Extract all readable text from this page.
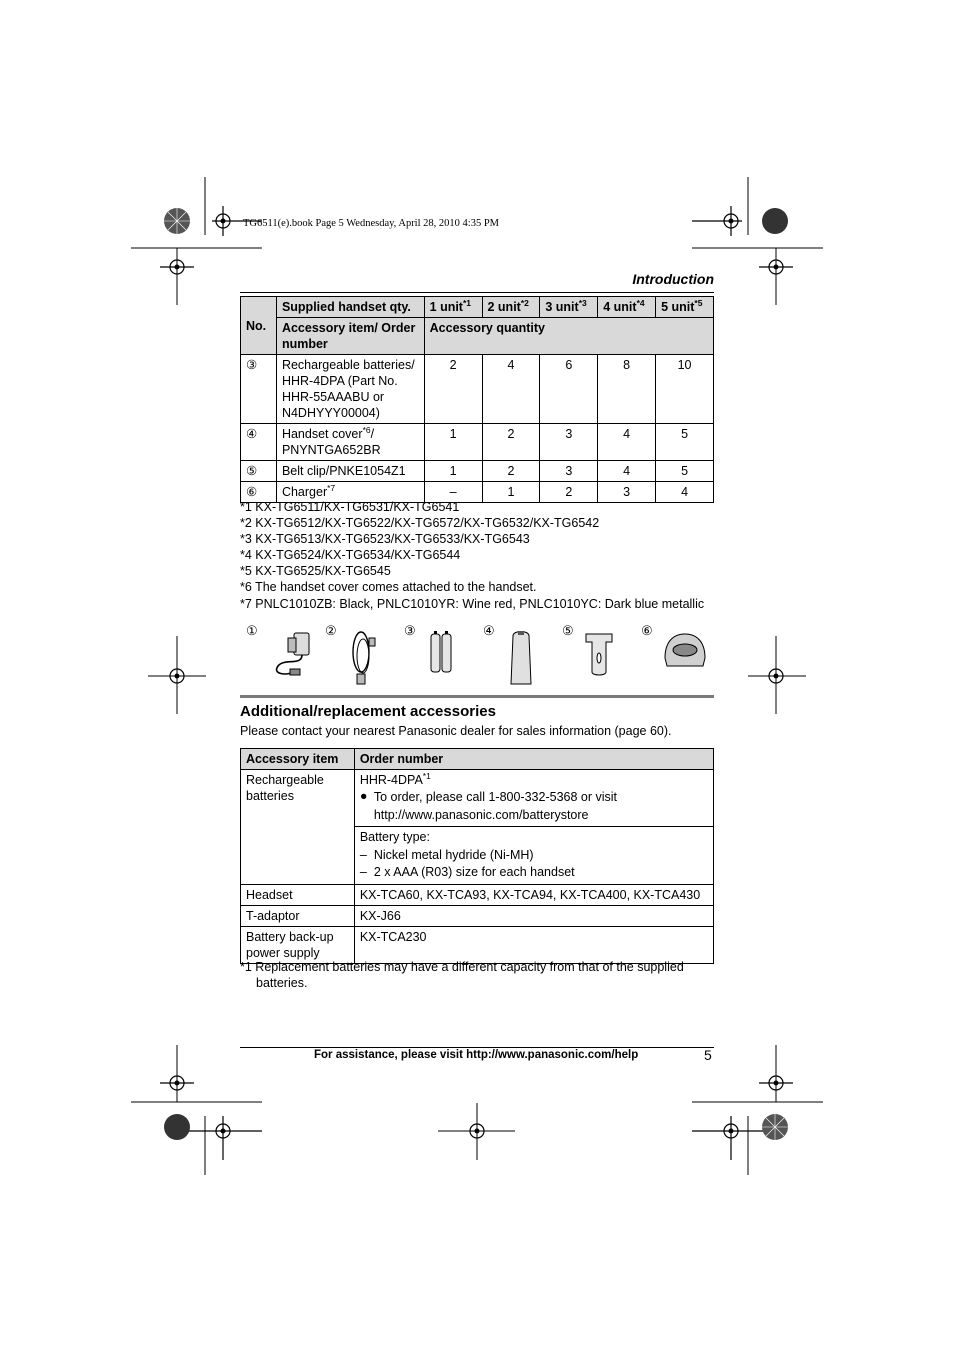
TG6511(e).book Page 5 Wednesday, April 28, 2010 4:35 PM
Introduction
No.	Supplied handset qty.	1 unit$^{*1}$	2 unit$^{*2}$	3 unit$^{*3}$	4 unit$^{*4}$	5 unit$^{*5}$
	Accessory item/ Order number	Accessory quantity				
③	Rechargeable batteries/ HHR-4DPA (Part No. HHR-55AAABU or N4DHYYY00004)	2	4	6	8	10
④	Handset cover$^{*6}$/ PNYNTGA652BR	1	2	3	4	5
⑤	Belt clip/PNKE1054Z1	1	2	3	4	5
⑥	Charger$^{*7}$	–	1	2	3	4
*1 KX-TG6511/KX-TG6531/KX-TG6541
*2 KX-TG6512/KX-TG6522/KX-TG6572/KX-TG6532/KX-TG6542
*3 KX-TG6513/KX-TG6523/KX-TG6533/KX-TG6543
*4 KX-TG6524/KX-TG6534/KX-TG6544
*5 KX-TG6525/KX-TG6545
*6 The handset cover comes attached to the handset.
*7 PNLC1010ZB: Black, PNLC1010YR: Wine red, PNLC1010YC: Dark blue metallic
①	②	③	④	⑤	⑥
Additional/replacement accessories
Please contact your nearest Panasonic dealer for sales information (page 60).
Accessory item	Order number
Rechargeable batteries	HHR-4DPA$^{*1}$
● To order, please call 1-800-332-5368 or visit http://www.panasonic.com/batterystore

	Battery type:
– Nickel metal hydride (Ni-MH)
– 2 x AAA (R03) size for each handset

Headset	KX-TCA60, KX-TCA93, KX-TCA94, KX-TCA400, KX-TCA430
T-adaptor	KX-J66
Battery back-up power supply	KX-TCA230
*1 Replacement batteries may have a different capacity from that of the supplied batteries.
For assistance, please visit http://www.panasonic.com/help	5
